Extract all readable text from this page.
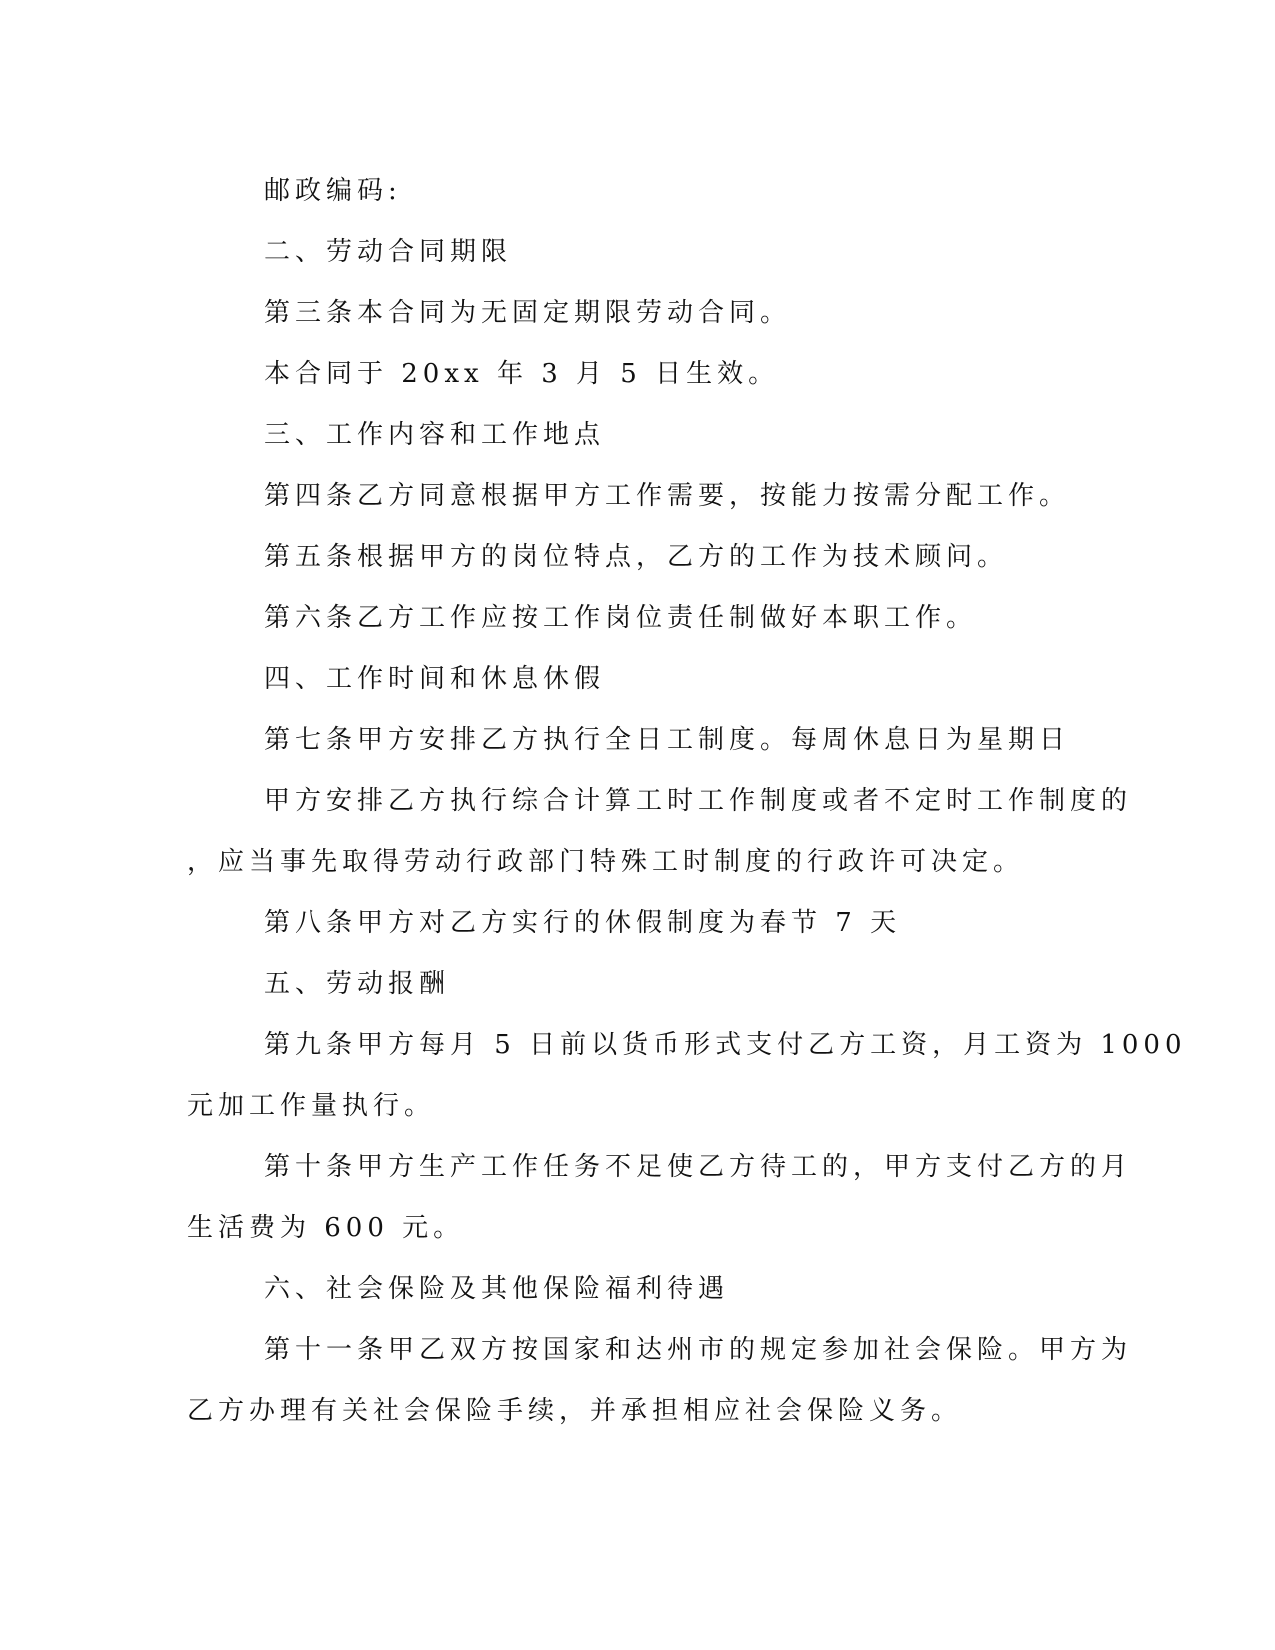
邮政编码:
二、劳动合同期限
第三条本合同为无固定期限劳动合同。
本合同于 20xx 年 3 月 5 日生效。
三、工作内容和工作地点
第四条乙方同意根据甲方工作需要，按能力按需分配工作。
第五条根据甲方的岗位特点，乙方的工作为技术顾问。
第六条乙方工作应按工作岗位责任制做好本职工作。
四、工作时间和休息休假
第七条甲方安排乙方执行全日工制度。每周休息日为星期日
甲方安排乙方执行综合计算工时工作制度或者不定时工作制度的
，应当事先取得劳动行政部门特殊工时制度的行政许可决定。
第八条甲方对乙方实行的休假制度为春节 7 天
五、劳动报酬
第九条甲方每月 5 日前以货币形式支付乙方工资，月工资为 1000
元加工作量执行。
第十条甲方生产工作任务不足使乙方待工的，甲方支付乙方的月
生活费为 600 元。
六、社会保险及其他保险福利待遇
第十一条甲乙双方按国家和达州市的规定参加社会保险。甲方为
乙方办理有关社会保险手续，并承担相应社会保险义务。
